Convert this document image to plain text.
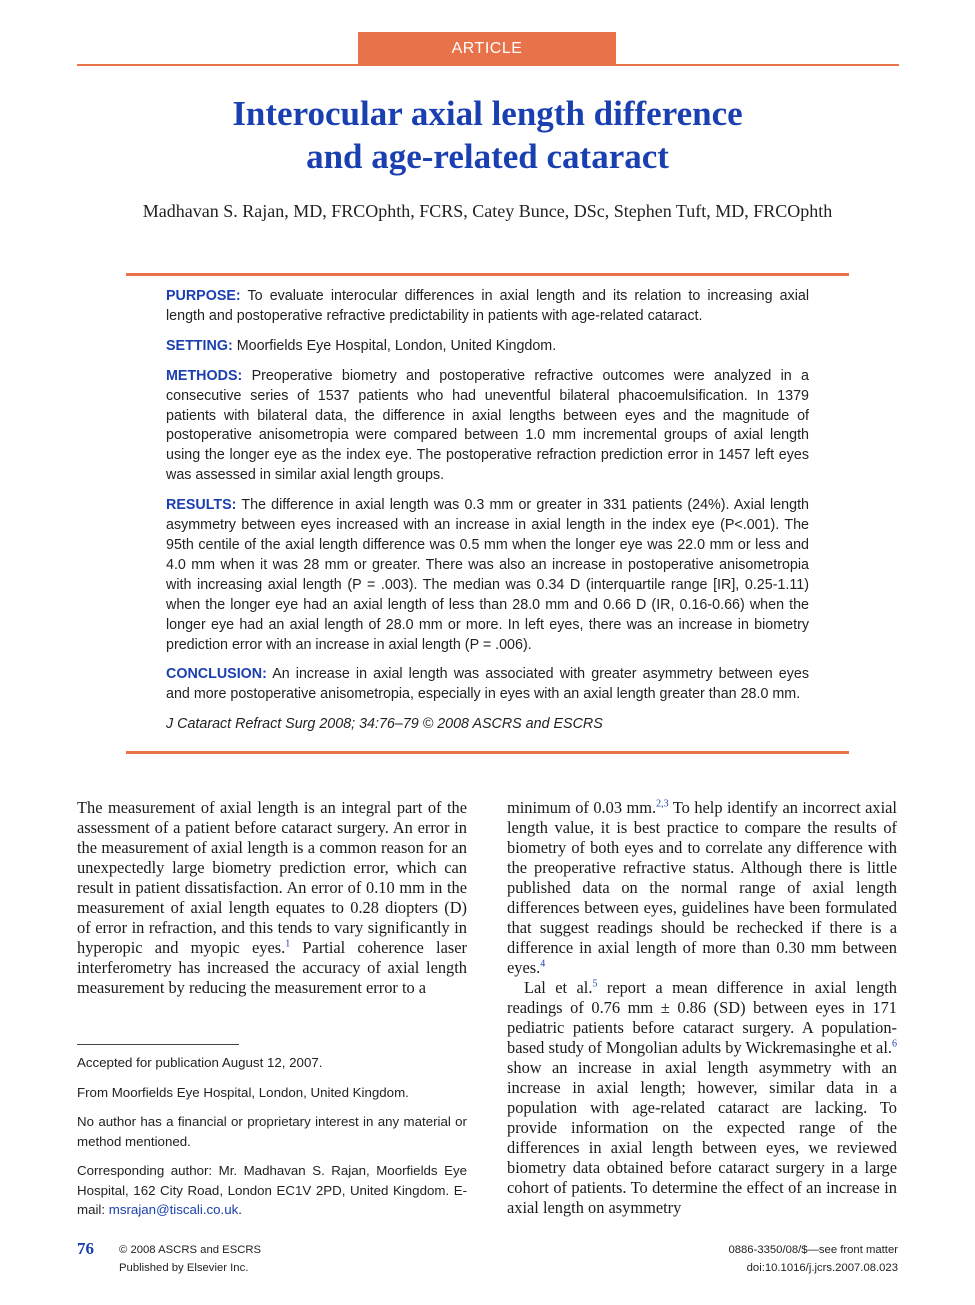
ARTICLE
Interocular axial length difference
and age-related cataract
Madhavan S. Rajan, MD, FRCOphth, FCRS, Catey Bunce, DSc, Stephen Tuft, MD, FRCOphth

PURPOSE: To evaluate interocular differences in axial length and its relation to increasing axial length and postoperative refractive predictability in patients with age-related cataract.

SETTING: Moorfields Eye Hospital, London, United Kingdom.

METHODS: Preoperative biometry and postoperative refractive outcomes were analyzed in a consecutive series of 1537 patients who had uneventful bilateral phacoemulsification. In 1379 patients with bilateral data, the difference in axial lengths between eyes and the magnitude of postoperative anisometropia were compared between 1.0 mm incremental groups of axial length using the longer eye as the index eye. The postoperative refraction prediction error in 1457 left eyes was assessed in similar axial length groups.

RESULTS: The difference in axial length was 0.3 mm or greater in 331 patients (24%). Axial length asymmetry between eyes increased with an increase in axial length in the index eye (P<.001). The 95th centile of the axial length difference was 0.5 mm when the longer eye was 22.0 mm or less and 4.0 mm when it was 28 mm or greater. There was also an increase in postoperative anisometropia with increasing axial length (P = .003). The median was 0.34 D (interquartile range [IR], 0.25-1.11) when the longer eye had an axial length of less than 28.0 mm and 0.66 D (IR, 0.16-0.66) when the longer eye had an axial length of 28.0 mm or more. In left eyes, there was an increase in biometry prediction error with an increase in axial length (P = .006).

CONCLUSION: An increase in axial length was associated with greater asymmetry between eyes and more postoperative anisometropia, especially in eyes with an axial length greater than 28.0 mm.

J Cataract Refract Surg 2008; 34:76–79 © 2008 ASCRS and ESCRS

The measurement of axial length is an integral part of the assessment of a patient before cataract surgery. An error in the measurement of axial length is a common reason for an unexpectedly large biometry prediction error, which can result in patient dissatisfaction. An error of 0.10 mm in the measurement of axial length equates to 0.28 diopters (D) of error in refraction, and this tends to vary significantly in hyperopic and myopic eyes.$^1$ Partial coherence laser interferometry has increased the accuracy of axial length measurement by reducing the measurement error to a

Accepted for publication August 12, 2007.

From Moorfields Eye Hospital, London, United Kingdom.

No author has a financial or proprietary interest in any material or method mentioned.

Corresponding author: Mr. Madhavan S. Rajan, Moorfields Eye Hospital, 162 City Road, London EC1V 2PD, United Kingdom. E-mail: msrajan@tiscali.co.uk.

minimum of 0.03 mm.$^{2,3}$ To help identify an incorrect axial length value, it is best practice to compare the results of biometry of both eyes and to correlate any difference with the preoperative refractive status. Although there is little published data on the normal range of axial length differences between eyes, guidelines have been formulated that suggest readings should be rechecked if there is a difference in axial length of more than 0.30 mm between eyes.$^4$

Lal et al.$^5$ report a mean difference in axial length readings of 0.76 mm ± 0.86 (SD) between eyes in 171 pediatric patients before cataract surgery. A population-based study of Mongolian adults by Wickremasinghe et al.$^6$ show an increase in axial length asymmetry with an increase in axial length; however, similar data in a population with age-related cataract are lacking. To provide information on the expected range of the differences in axial length between eyes, we reviewed biometry data obtained before cataract surgery in a large cohort of patients. To determine the effect of an increase in axial length on asymmetry

76 © 2008 ASCRS and ESCRS
Published by Elsevier Inc.
0886-3350/08/$—see front matter
doi:10.1016/j.jcrs.2007.08.023
